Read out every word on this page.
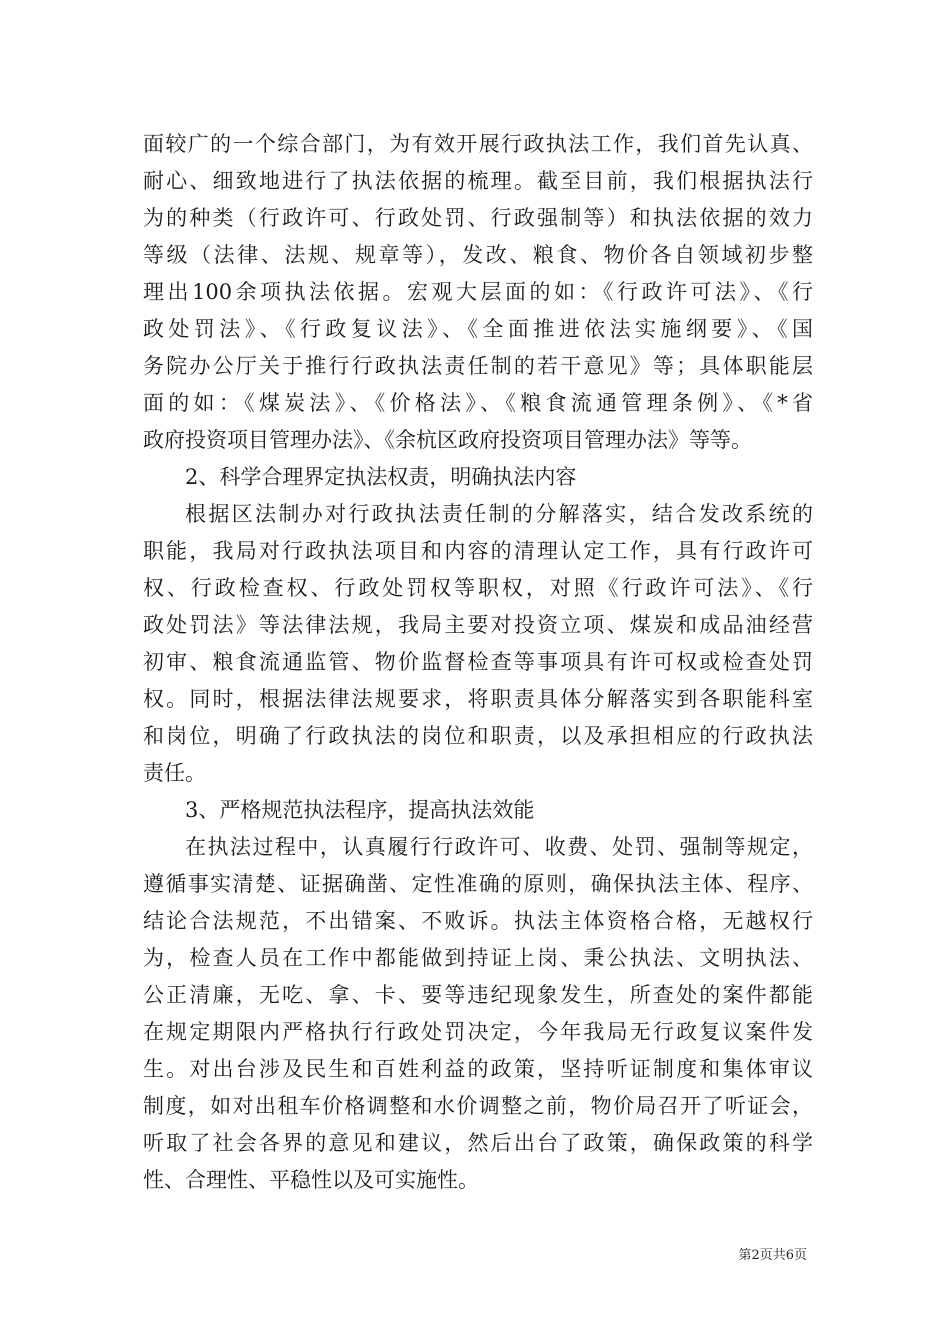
面较广的一个综合部门，为有效开展行政执法工作，我们首先认真、
耐心、细致地进行了执法依据的梳理。截至目前，我们根据执法行
为的种类（行政许可、行政处罚、行政强制等）和执法依据的效力
等级（法律、法规、规章等），发改、粮食、物价各自领域初步整
理出100余项执法依据。宏观大层面的如：《行政许可法》、《行
政处罚法》、《行政复议法》、《全面推进依法实施纲要》、《国
务院办公厅关于推行行政执法责任制的若干意见》等；具体职能层
面的如：《煤炭法》、《价格法》、《粮食流通管理条例》、《*省
政府投资项目管理办法》、《余杭区政府投资项目管理办法》等等。
2、科学合理界定执法权责，明确执法内容
根据区法制办对行政执法责任制的分解落实，结合发改系统的
职能，我局对行政执法项目和内容的清理认定工作，具有行政许可
权、行政检查权、行政处罚权等职权，对照《行政许可法》、《行
政处罚法》等法律法规，我局主要对投资立项、煤炭和成品油经营
初审、粮食流通监管、物价监督检查等事项具有许可权或检查处罚
权。同时，根据法律法规要求，将职责具体分解落实到各职能科室
和岗位，明确了行政执法的岗位和职责，以及承担相应的行政执法
责任。
3、严格规范执法程序，提高执法效能
在执法过程中，认真履行行政许可、收费、处罚、强制等规定，
遵循事实清楚、证据确凿、定性准确的原则，确保执法主体、程序、
结论合法规范，不出错案、不败诉。执法主体资格合格，无越权行
为，检查人员在工作中都能做到持证上岗、秉公执法、文明执法、
公正清廉，无吃、拿、卡、要等违纪现象发生，所查处的案件都能
在规定期限内严格执行行政处罚决定，今年我局无行政复议案件发
生。对出台涉及民生和百姓利益的政策，坚持听证制度和集体审议
制度，如对出租车价格调整和水价调整之前，物价局召开了听证会，
听取了社会各界的意见和建议，然后出台了政策，确保政策的科学
性、合理性、平稳性以及可实施性。
第2页共6页
